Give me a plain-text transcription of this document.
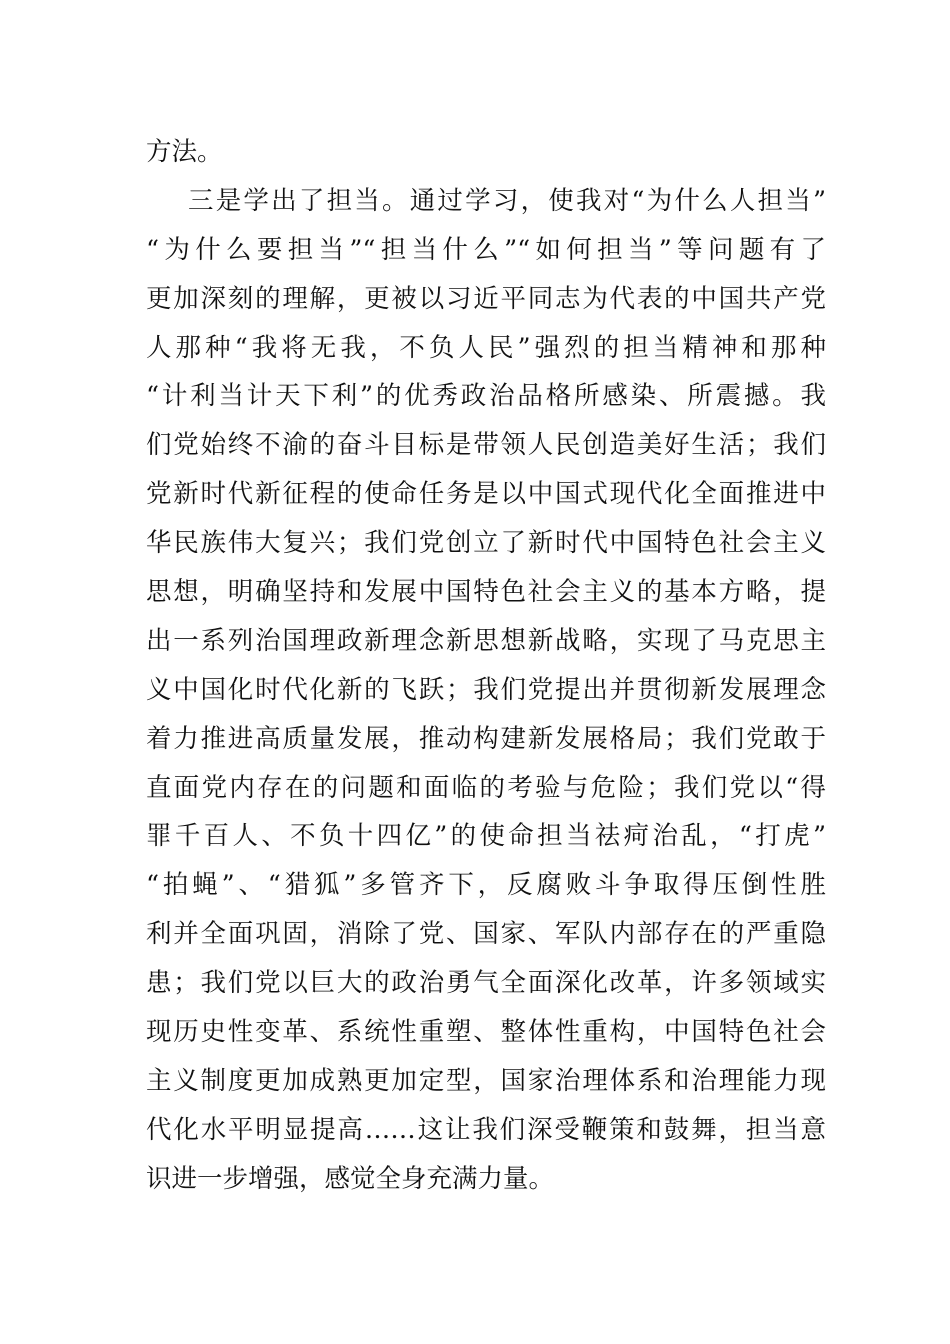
方法。
三是学出了担当。通过学习，使我对“为什么人担当”
“为什么要担当”“担当什么”“如何担当”等问题有了
更加深刻的理解，更被以习近平同志为代表的中国共产党
人那种“我将无我，不负人民”强烈的担当精神和那种
“计利当计天下利”的优秀政治品格所感染、所震撼。我
们党始终不渝的奋斗目标是带领人民创造美好生活；我们
党新时代新征程的使命任务是以中国式现代化全面推进中
华民族伟大复兴；我们党创立了新时代中国特色社会主义
思想，明确坚持和发展中国特色社会主义的基本方略，提
出一系列治国理政新理念新思想新战略，实现了马克思主
义中国化时代化新的飞跃；我们党提出并贯彻新发展理念
着力推进高质量发展，推动构建新发展格局；我们党敢于
直面党内存在的问题和面临的考验与危险；我们党以“得
罪千百人、不负十四亿”的使命担当祛疴治乱，“打虎”
“拍蝇”、“猎狐”多管齐下，反腐败斗争取得压倒性胜
利并全面巩固，消除了党、国家、军队内部存在的严重隐
患；我们党以巨大的政治勇气全面深化改革，许多领域实
现历史性变革、系统性重塑、整体性重构，中国特色社会
主义制度更加成熟更加定型，国家治理体系和治理能力现
代化水平明显提高……这让我们深受鞭策和鼓舞，担当意
识进一步增强，感觉全身充满力量。
